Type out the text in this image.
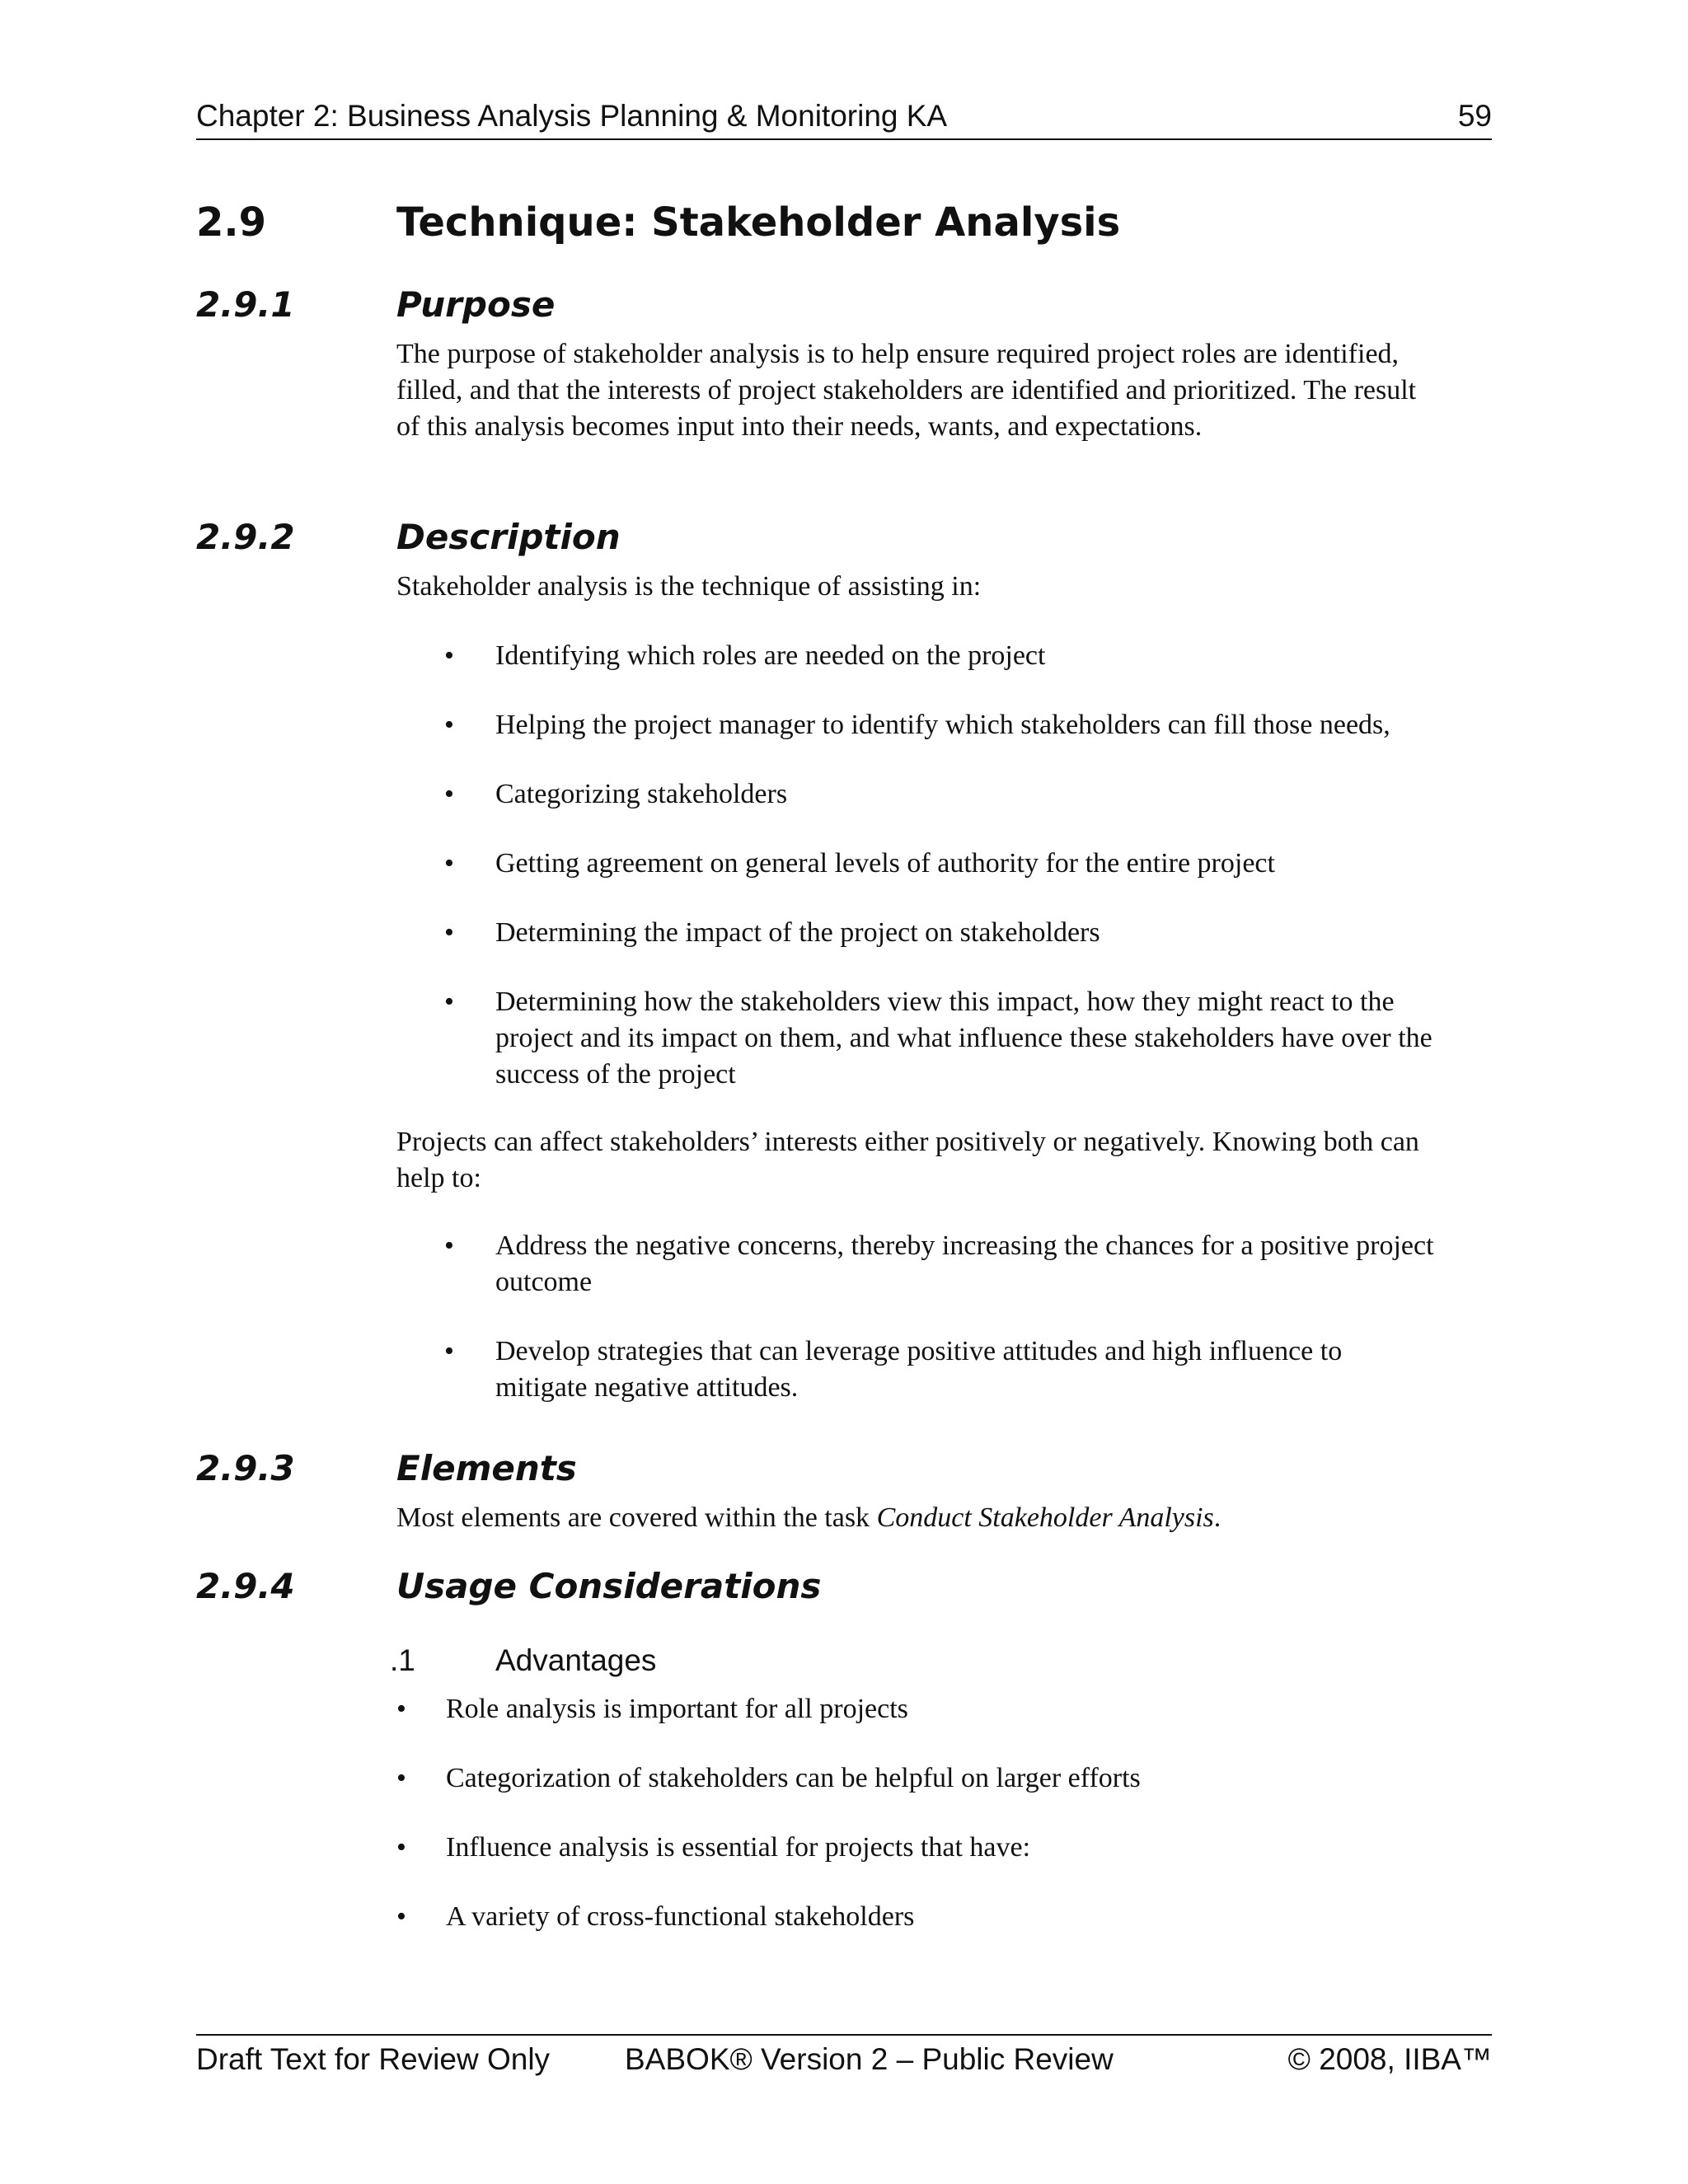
Chapter 2: Business Analysis Planning & Monitoring KA	59
2.9	Technique: Stakeholder Analysis
2.9.1	Purpose

The purpose of stakeholder analysis is to help ensure required project roles are identified, filled, and that the interests of project stakeholders are identified and prioritized. The result of this analysis becomes input into their needs, wants, and expectations.

2.9.2	Description

Stakeholder analysis is the technique of assisting in:

• Identifying which roles are needed on the project
• Helping the project manager to identify which stakeholders can fill those needs,
• Categorizing stakeholders
• Getting agreement on general levels of authority for the entire project
• Determining the impact of the project on stakeholders
• Determining how the stakeholders view this impact, how they might react to the project and its impact on them, and what influence these stakeholders have over the success of the project

Projects can affect stakeholders’ interests either positively or negatively. Knowing both can help to:

• Address the negative concerns, thereby increasing the chances for a positive project outcome
• Develop strategies that can leverage positive attitudes and high influence to mitigate negative attitudes.
2.9.3	Elements

Most elements are covered within the task Conduct Stakeholder Analysis.

2.9.4	Usage Considerations
.1	Advantages
• Role analysis is important for all projects
• Categorization of stakeholders can be helpful on larger efforts
• Influence analysis is essential for projects that have:
• A variety of cross-functional stakeholders
Draft Text for Review Only BABOK® Version 2 – Public Review	© 2008, IIBA™
